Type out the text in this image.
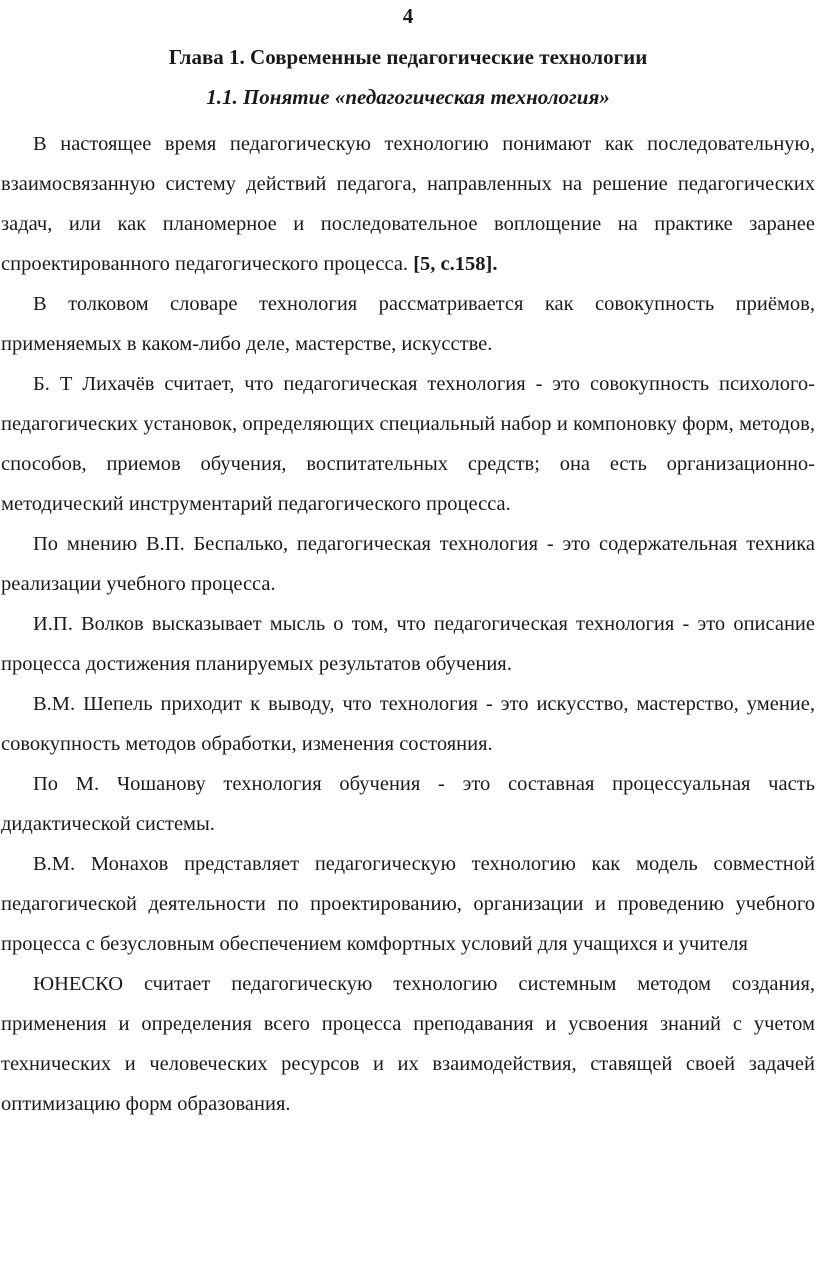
4
Глава 1. Современные педагогические технологии
1.1. Понятие «педагогическая технология»

В настоящее время педагогическую технологию понимают как последовательную, взаимосвязанную систему действий педагога, направленных на решение педагогических задач, или как планомерное и последовательное воплощение на практике заранее спроектированного педагогического процесса. [5, с.158].

В толковом словаре технология рассматривается как совокупность приёмов, применяемых в каком-либо деле, мастерстве, искусстве.

Б. Т Лихачёв считает, что педагогическая технология - это совокупность психолого-педагогических установок, определяющих специальный набор и компоновку форм, методов, способов, приемов обучения, воспитательных средств; она есть организационно-методический инструментарий педагогического процесса.

По мнению В.П. Беспалько, педагогическая технология - это содержательная техника реализации учебного процесса.

И.П. Волков высказывает мысль о том, что педагогическая технология - это описание процесса достижения планируемых результатов обучения.

В.М. Шепель приходит к выводу, что технология - это искусство, мастерство, умение, совокупность методов обработки, изменения состояния.

По М. Чошанову технология обучения - это составная процессуальная часть дидактической системы.

В.М. Монахов представляет педагогическую технологию как модель совместной педагогической деятельности по проектированию, организации и проведению учебного процесса с безусловным обеспечением комфортных условий для учащихся и учителя

ЮНЕСКО считает педагогическую технологию системным методом создания, применения и определения всего процесса преподавания и усвоения знаний с учетом технических и человеческих ресурсов и их взаимодействия, ставящей своей задачей оптимизацию форм образования.
